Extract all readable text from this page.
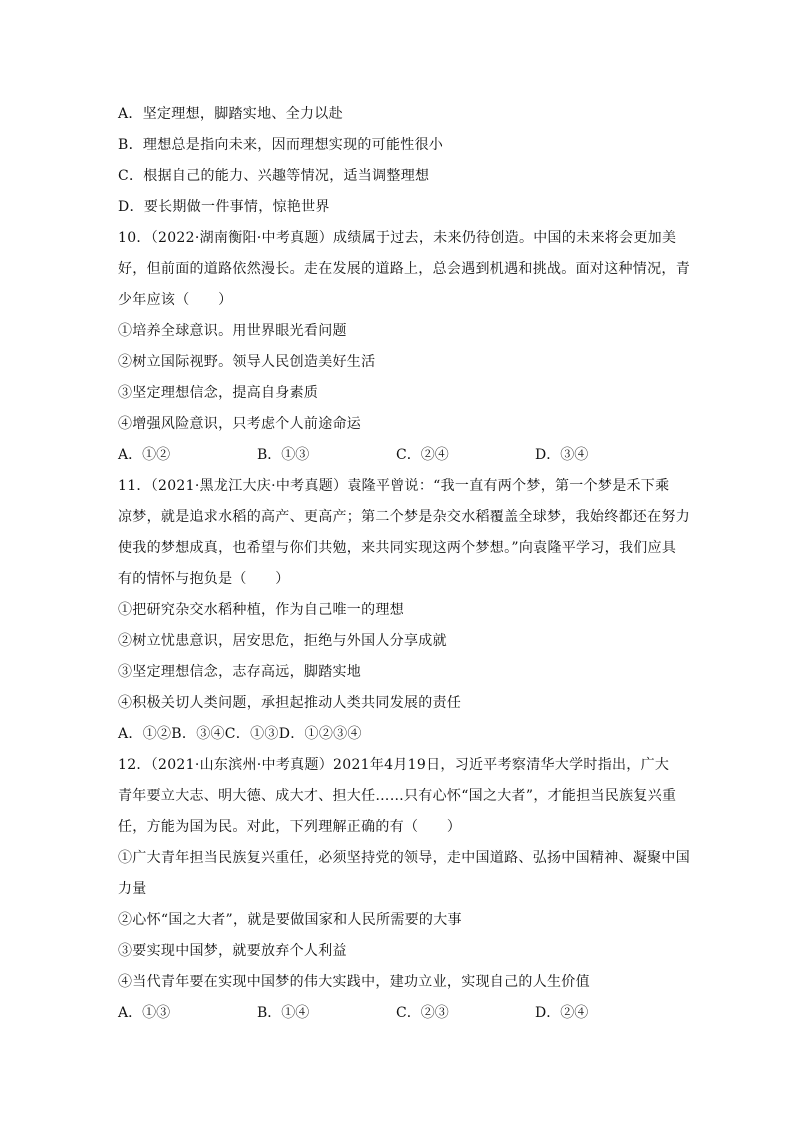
A．坚定理想，脚踏实地、全力以赴
B．理想总是指向未来，因而理想实现的可能性很小
C．根据自己的能力、兴趣等情况，适当调整理想
D．要长期做一件事情，惊艳世界
10．（2022·湖南衡阳·中考真题）成绩属于过去，未来仍待创造。中国的未来将会更加美
好，但前面的道路依然漫长。走在发展的道路上，总会遇到机遇和挑战。面对这种情况，青
少年应该（　　）
①培养全球意识。用世界眼光看问题
②树立国际视野。领导人民创造美好生活
③坚定理想信念，提高自身素质
④增强风险意识，只考虑个人前途命运
A．①②	B．①③	C．②④	D．③④
11．（2021·黑龙江大庆·中考真题）袁隆平曾说：“我一直有两个梦，第一个梦是禾下乘
凉梦，就是追求水稻的高产、更高产；第二个梦是杂交水稻覆盖全球梦，我始终都还在努力
使我的梦想成真，也希望与你们共勉，来共同实现这两个梦想。”向袁隆平学习，我们应具
有的情怀与抱负是（　　）
①把研究杂交水稻种植，作为自己唯一的理想
②树立忧患意识，居安思危，拒绝与外国人分享成就
③坚定理想信念，志存高远，脚踏实地
④积极关切人类问题，承担起推动人类共同发展的责任
A．①②B．③④C．①③D．①②③④
12．（2021·山东滨州·中考真题）2021年4月19日，习近平考察清华大学时指出，广大
青年要立大志、明大德、成大才、担大任……只有心怀“国之大者”，才能担当民族复兴重
任，方能为国为民。对此，下列理解正确的有（　　）
①广大青年担当民族复兴重任，必须坚持党的领导，走中国道路、弘扬中国精神、凝聚中国
力量
②心怀“国之大者”，就是要做国家和人民所需要的大事
③要实现中国梦，就要放弃个人利益
④当代青年要在实现中国梦的伟大实践中，建功立业，实现自己的人生价值
A．①③	B．①④	C．②③	D．②④
